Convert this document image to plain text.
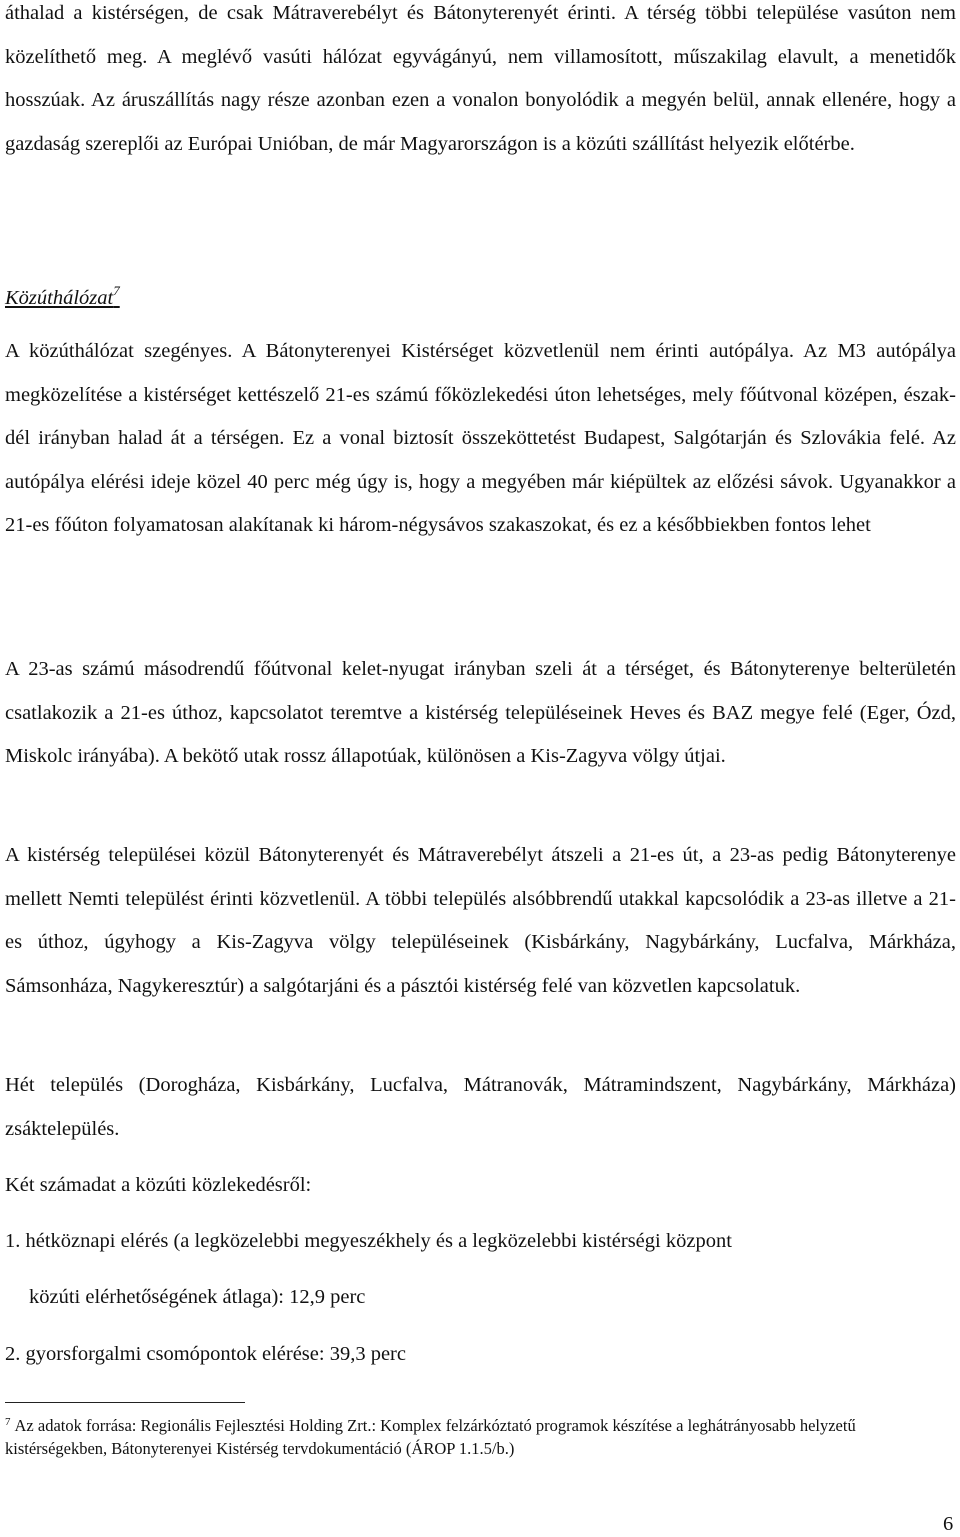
áthalad a kistérségen, de csak Mátraverebélyt és Bátonyterenyét érinti. A térség többi települése vasúton nem közelíthető meg. A meglévő vasúti hálózat egyvágányú, nem villamosított, műszakilag elavult, a menetidők hosszúak. Az áruszállítás nagy része azonban ezen a vonalon bonyolódik a megyén belül, annak ellenére, hogy a gazdaság szereplői az Európai Unióban, de már Magyarországon is a közúti szállítást helyezik előtérbe.

Közúthálózat$^7$

A közúthálózat szegényes. A Bátonyterenyei Kistérséget közvetlenül nem érinti autópálya. Az M3 autópálya megközelítése a kistérséget kettészelő 21-es számú főközlekedési úton lehetséges, mely főútvonal középen, észak-dél irányban halad át a térségen. Ez a vonal biztosít összeköttetést Budapest, Salgótarján és Szlovákia felé. Az autópálya elérési ideje közel 40 perc még úgy is, hogy a megyében már kiépültek az előzési sávok. Ugyanakkor a 21-es főúton folyamatosan alakítanak ki három-négysávos szakaszokat, és ez a későbbiekben fontos lehet

A 23-as számú másodrendű főútvonal kelet-nyugat irányban szeli át a térséget, és Bátonyterenye belterületén csatlakozik a 21-es úthoz, kapcsolatot teremtve a kistérség településeinek Heves és BAZ megye felé (Eger, Ózd, Miskolc irányába). A bekötő utak rossz állapotúak, különösen a Kis-Zagyva völgy útjai.

A kistérség települései közül Bátonyterenyét és Mátraverebélyt átszeli a 21-es út, a 23-as pedig Bátonyterenye mellett Nemti települést érinti közvetlenül. A többi település alsóbbrendű utakkal kapcsolódik a 23-as illetve a 21-es úthoz, úgyhogy a Kis-Zagyva völgy településeinek (Kisbárkány, Nagybárkány, Lucfalva, Márkháza, Sámsonháza, Nagykeresztúr) a salgótarjáni és a pásztói kistérség felé van közvetlen kapcsolatuk.

Hét település (Dorogháza, Kisbárkány, Lucfalva, Mátranovák, Mátramindszent, Nagybárkány, Márkháza) zsáktelepülés.

Két számadat a közúti közlekedésről:

1. hétköznapi elérés (a legközelebbi megyeszékhely és a legközelebbi kistérségi központ
közúti elérhetőségének átlaga): 12,9 perc

2. gyorsforgalmi csomópontok elérése: 39,3 perc

$^7$ Az adatok forrása: Regionális Fejlesztési Holding Zrt.: Komplex felzárkóztató programok készítése a leghátrányosabb helyzetű kistérségekben, Bátonyterenyei Kistérség tervdokumentáció (ÁROP 1.1.5/b.)
6
